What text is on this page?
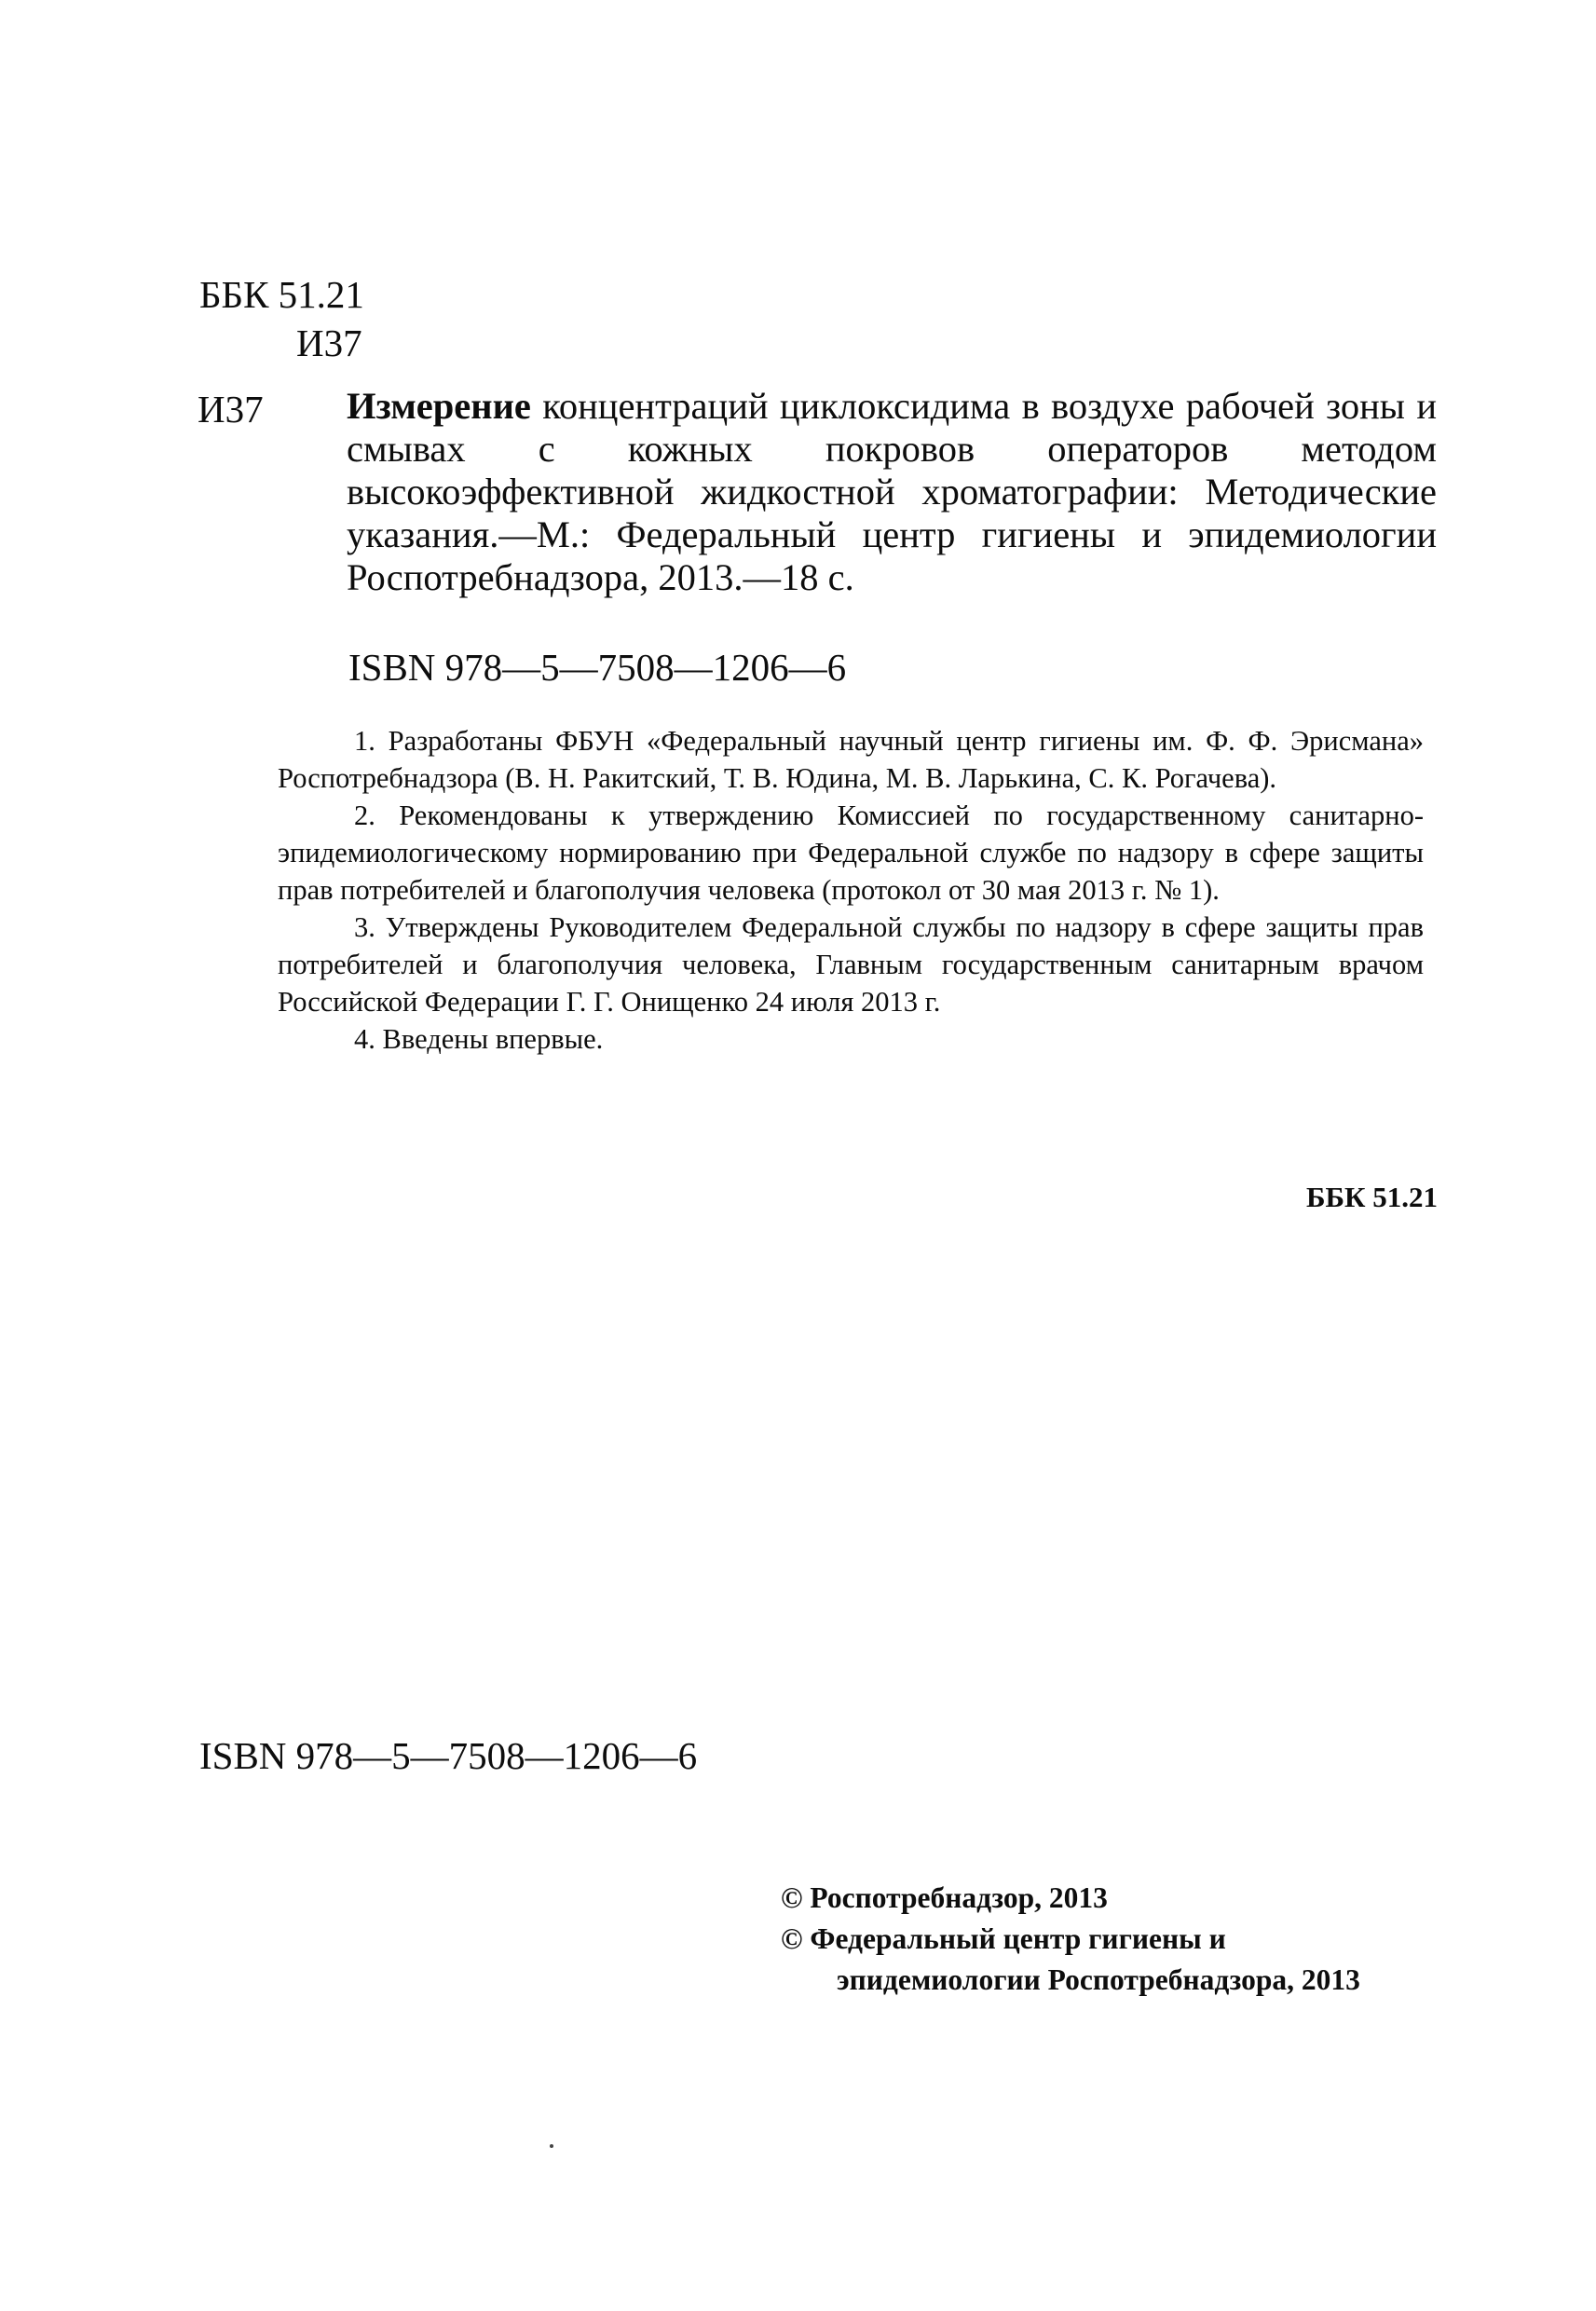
ББК 51.21
И37
И37 Измерение концентраций циклоксидима в воздухе рабочей зоны и смывах с кожных покровов операторов методом высокоэффективной жидкостной хроматографии: Методические указания.—М.: Федеральный центр гигиены и эпидемиологии Роспотребнадзора, 2013.—18 с.

ISBN 978—5—7508—1206—6

1. Разработаны ФБУН «Федеральный научный центр гигиены им. Ф. Ф. Эрисмана» Роспотребнадзора (В. Н. Ракитский, Т. В. Юдина, М. В. Ларькина, С. К. Рогачева).

2. Рекомендованы к утверждению Комиссией по государственному санитарно-эпидемиологическому нормированию при Федеральной службе по надзору в сфере защиты прав потребителей и благополучия человека (протокол от 30 мая 2013 г. № 1).

3. Утверждены Руководителем Федеральной службы по надзору в сфере защиты прав потребителей и благополучия человека, Главным государственным санитарным врачом Российской Федерации Г. Г. Онищенко 24 июля 2013 г.

4. Введены впервые.

ББК 51.21
ISBN 978—5—7508—1206—6
© Роспотребнадзор, 2013
© Федеральный центр гигиены и
эпидемиологии Роспотребнадзора, 2013
